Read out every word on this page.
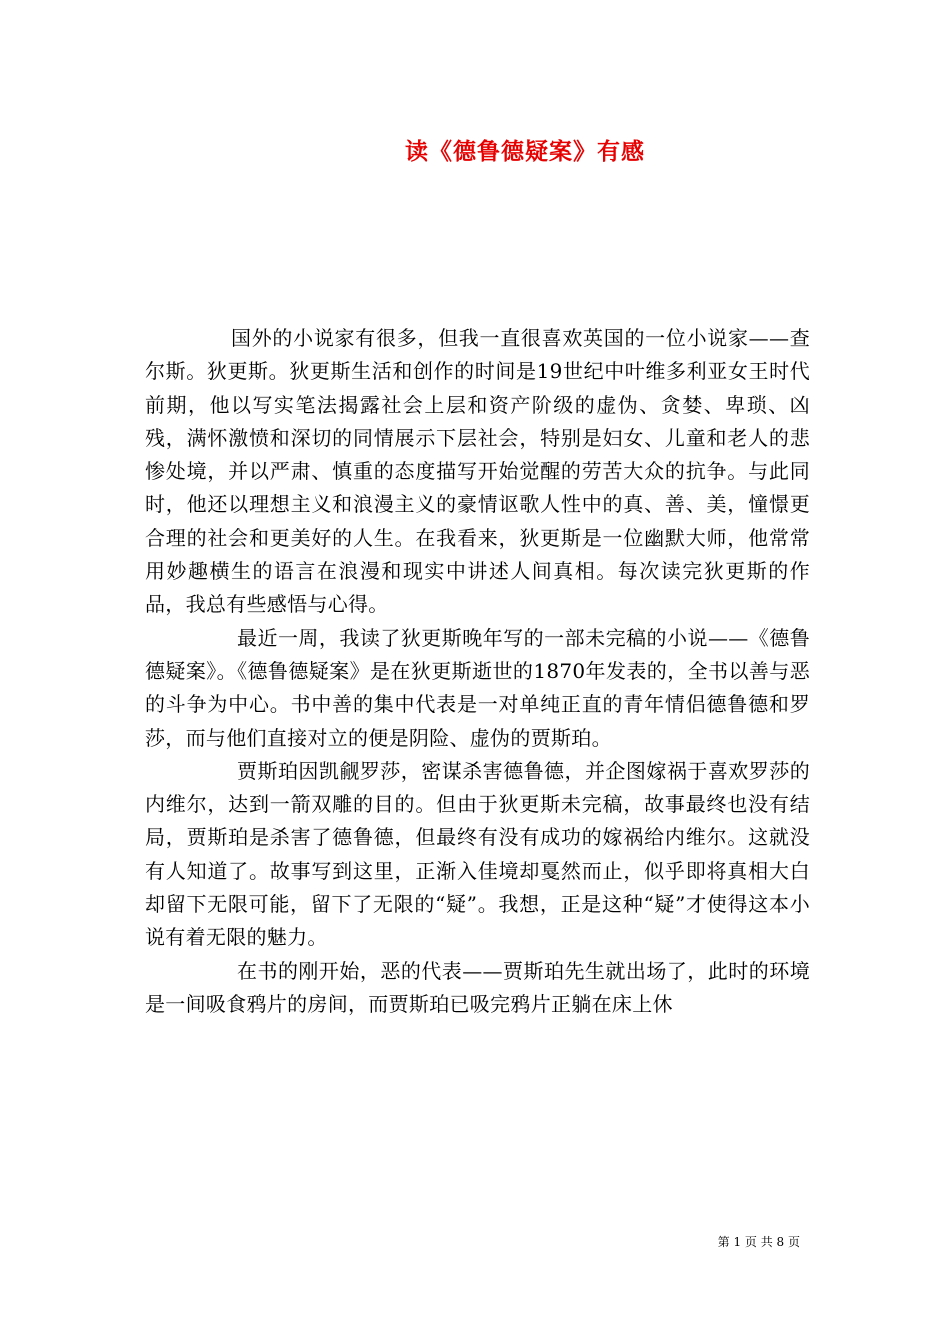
读《德鲁德疑案》有感

国外的小说家有很多，但我一直很喜欢英国的一位小说家——查尔斯。狄更斯。狄更斯生活和创作的时间是19世纪中叶维多利亚女王时代前期，他以写实笔法揭露社会上层和资产阶级的虚伪、贪婪、卑琐、凶残，满怀激愤和深切的同情展示下层社会，特别是妇女、儿童和老人的悲惨处境，并以严肃、慎重的态度描写开始觉醒的劳苦大众的抗争。与此同时，他还以理想主义和浪漫主义的豪情讴歌人性中的真、善、美，憧憬更合理的社会和更美好的人生。在我看来，狄更斯是一位幽默大师，他常常用妙趣横生的语言在浪漫和现实中讲述人间真相。每次读完狄更斯的作品，我总有些感悟与心得。

最近一周，我读了狄更斯晚年写的一部未完稿的小说——《德鲁德疑案》。《德鲁德疑案》是在狄更斯逝世的1870年发表的，全书以善与恶的斗争为中心。书中善的集中代表是一对单纯正直的青年情侣德鲁德和罗莎，而与他们直接对立的便是阴险、虚伪的贾斯珀。

贾斯珀因凯觎罗莎，密谋杀害德鲁德，并企图嫁祸于喜欢罗莎的内维尔，达到一箭双雕的目的。但由于狄更斯未完稿，故事最终也没有结局，贾斯珀是杀害了德鲁德，但最终有没有成功的嫁祸给内维尔。这就没有人知道了。故事写到这里，正渐入佳境却戛然而止，似乎即将真相大白却留下无限可能，留下了无限的“疑”。我想，正是这种“疑”才使得这本小说有着无限的魅力。

在书的刚开始，恶的代表——贾斯珀先生就出场了，此时的环境是一间吸食鸦片的房间，而贾斯珀已吸完鸦片正躺在床上休

第 1 页 共 8 页
